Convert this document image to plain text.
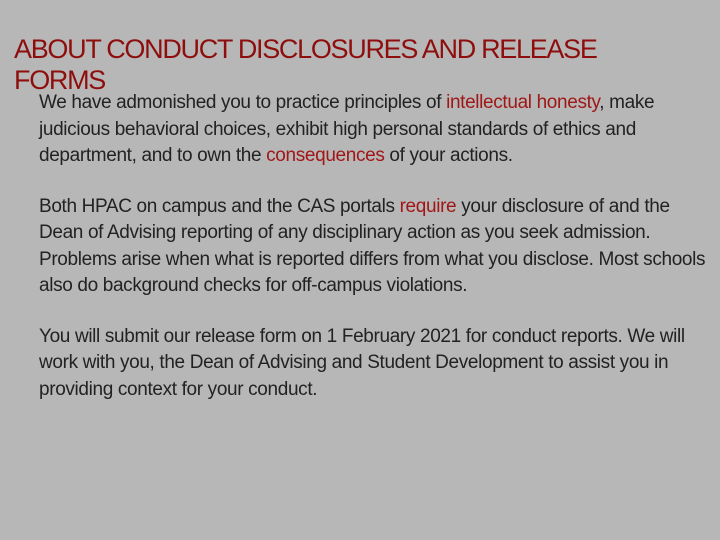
ABOUT CONDUCT DISCLOSURES AND RELEASE FORMS

We have admonished you to practice principles of intellectual honesty, make judicious behavioral choices, exhibit high personal standards of ethics and department, and to own the consequences of your actions.

Both HPAC on campus and the CAS portals require your disclosure of and the Dean of Advising reporting of any disciplinary action as you seek admission. Problems arise when what is reported differs from what you disclose. Most schools also do background checks for off-campus violations.

You will submit our release form on 1 February 2021 for conduct reports. We will work with you, the Dean of Advising and Student Development to assist you in providing context for your conduct.
